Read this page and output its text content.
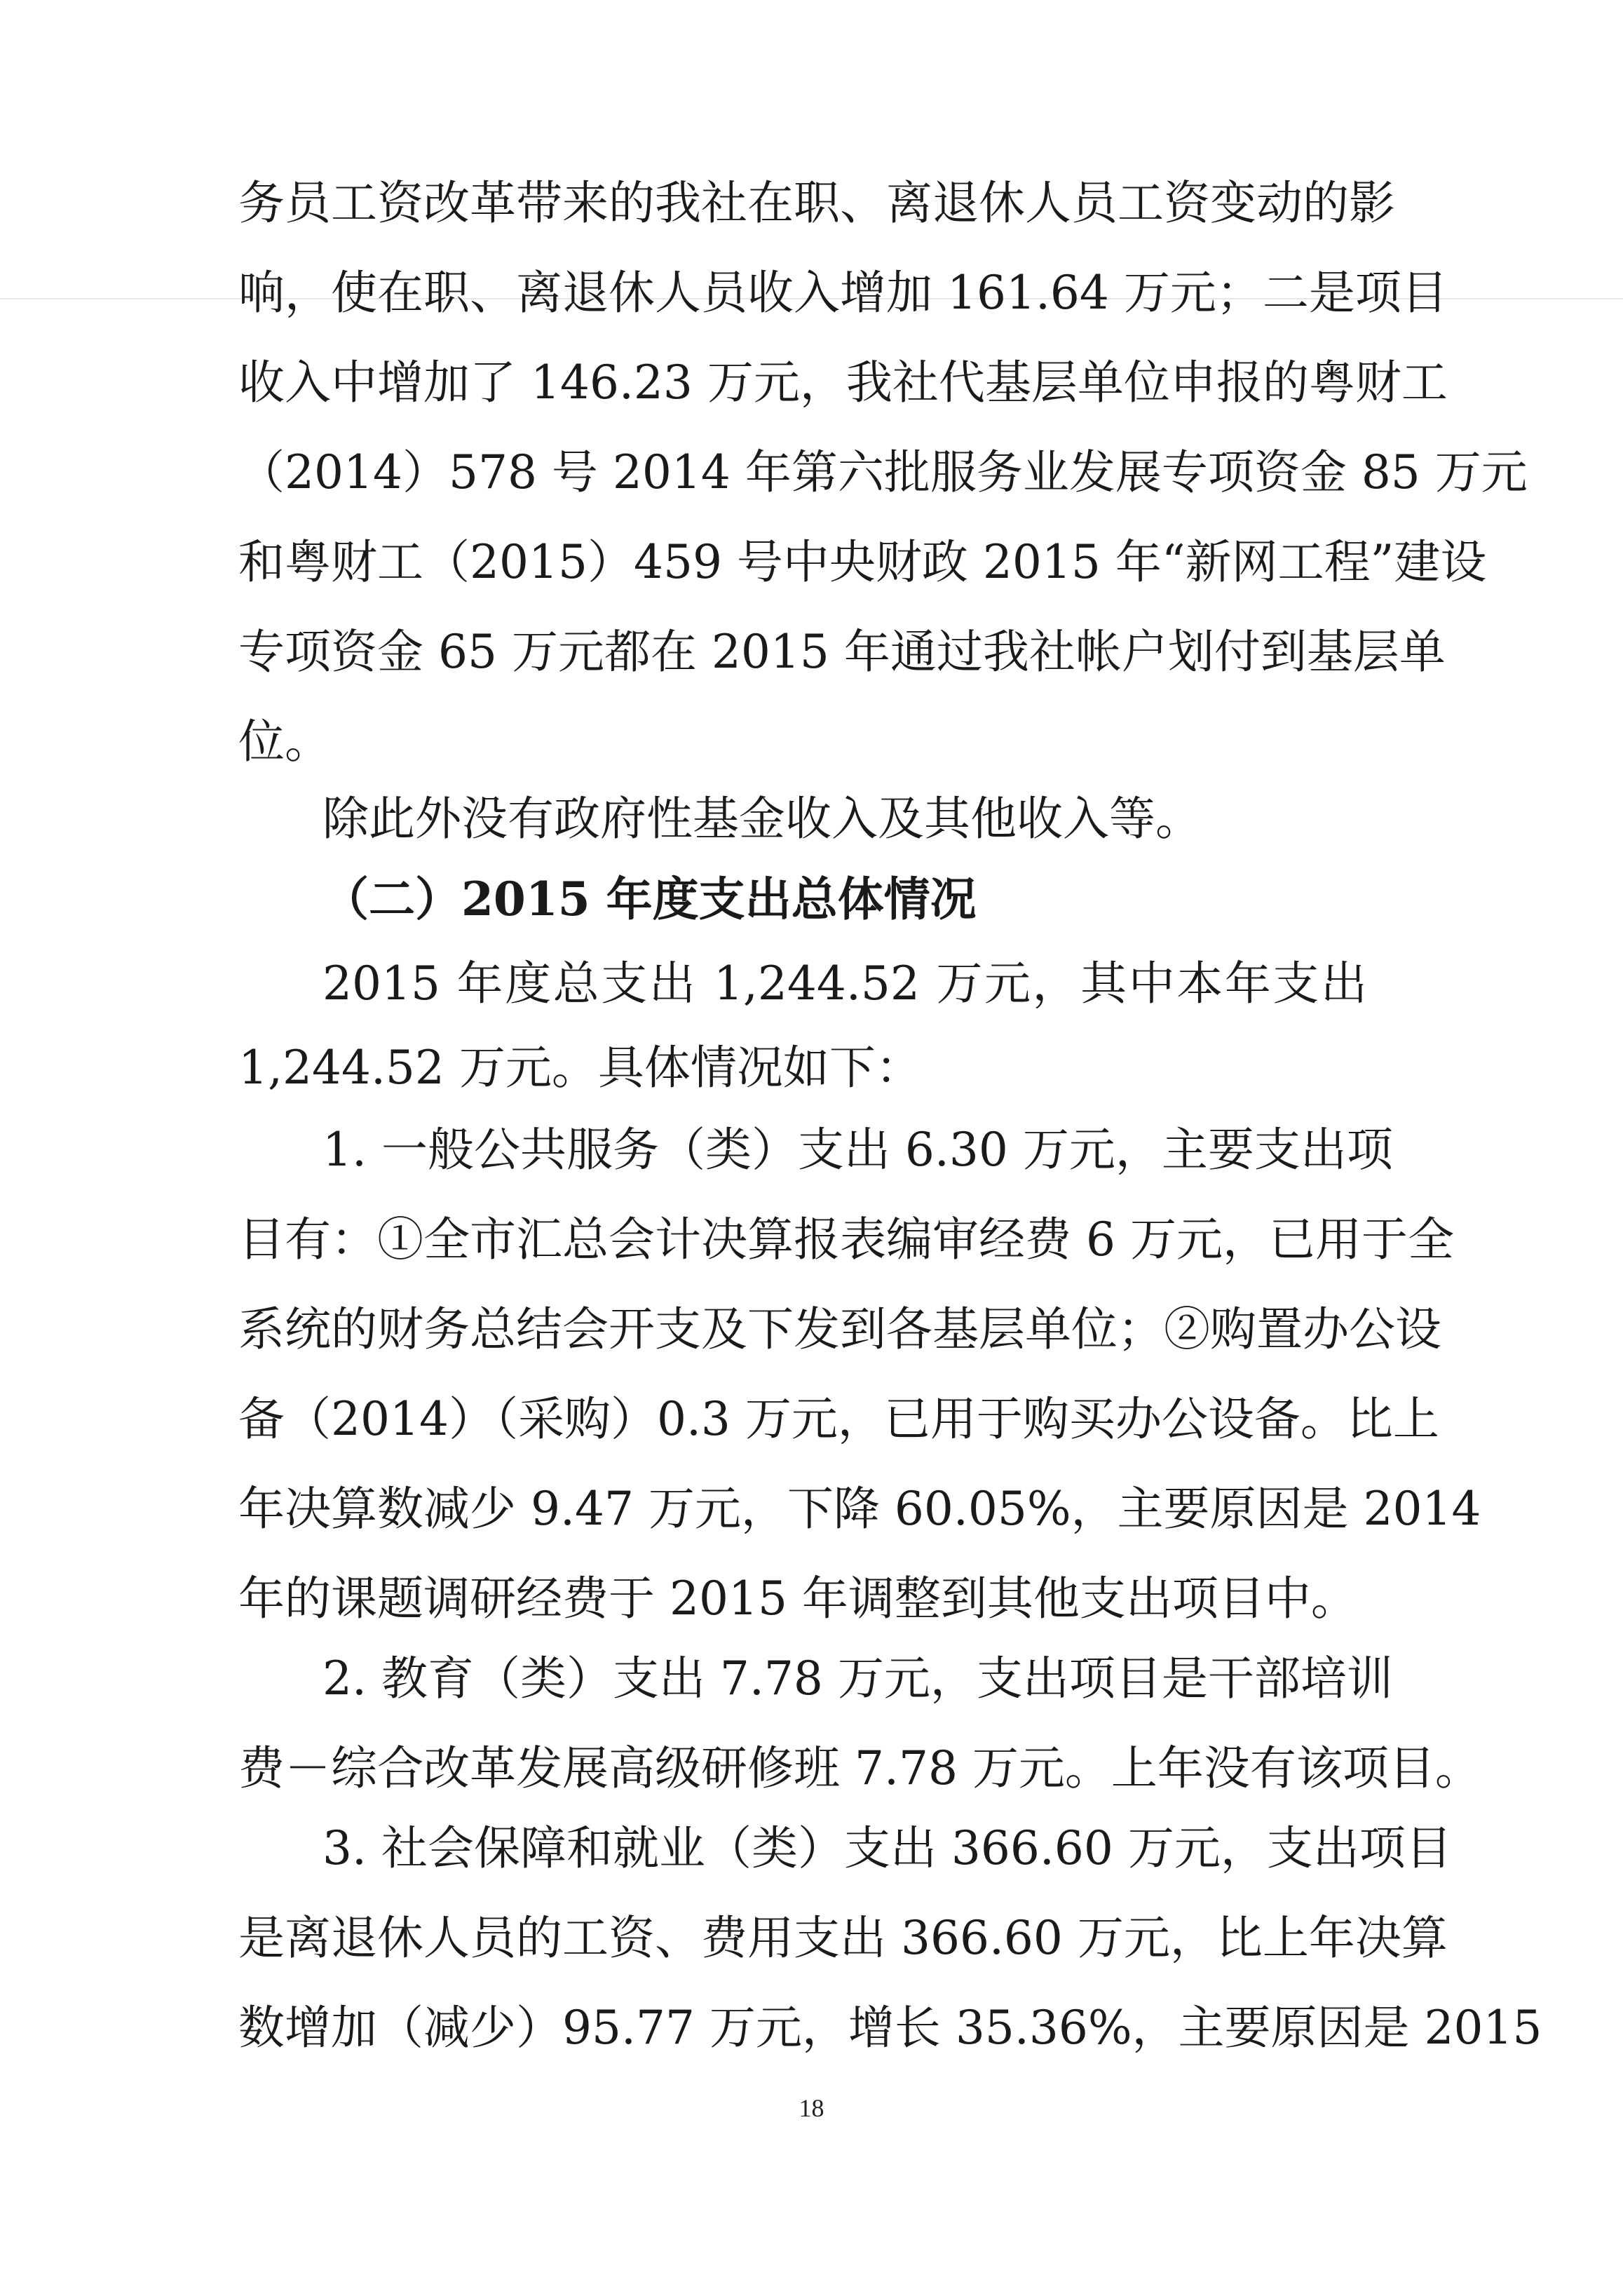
务员工资改革带来的我社在职、离退休人员工资变动的影
响，使在职、离退休人员收入增加 161.64 万元；二是项目
收入中增加了 146.23 万元，我社代基层单位申报的粤财工
（2014）578 号 2014 年第六批服务业发展专项资金 85 万元
和粤财工（2015）459 号中央财政 2015 年“新网工程”建设
专项资金 65 万元都在 2015 年通过我社帐户划付到基层单
位。
除此外没有政府性基金收入及其他收入等。
（二）2015 年度支出总体情况
2015 年度总支出 1,244.52 万元，其中本年支出
1,244.52 万元。具体情况如下：
1. 一般公共服务（类）支出 6.30 万元，主要支出项
目有：①全市汇总会计决算报表编审经费 6 万元，已用于全
系统的财务总结会开支及下发到各基层单位；②购置办公设
备（2014）（采购）0.3 万元，已用于购买办公设备。比上
年决算数减少 9.47 万元，下降 60.05%，主要原因是 2014
年的课题调研经费于 2015 年调整到其他支出项目中。
2. 教育（类）支出 7.78 万元，支出项目是干部培训
费－综合改革发展高级研修班 7.78 万元。上年没有该项目。
3. 社会保障和就业（类）支出 366.60 万元，支出项目
是离退休人员的工资、费用支出 366.60 万元，比上年决算
数增加（减少）95.77 万元，增长 35.36%，主要原因是 2015
18
